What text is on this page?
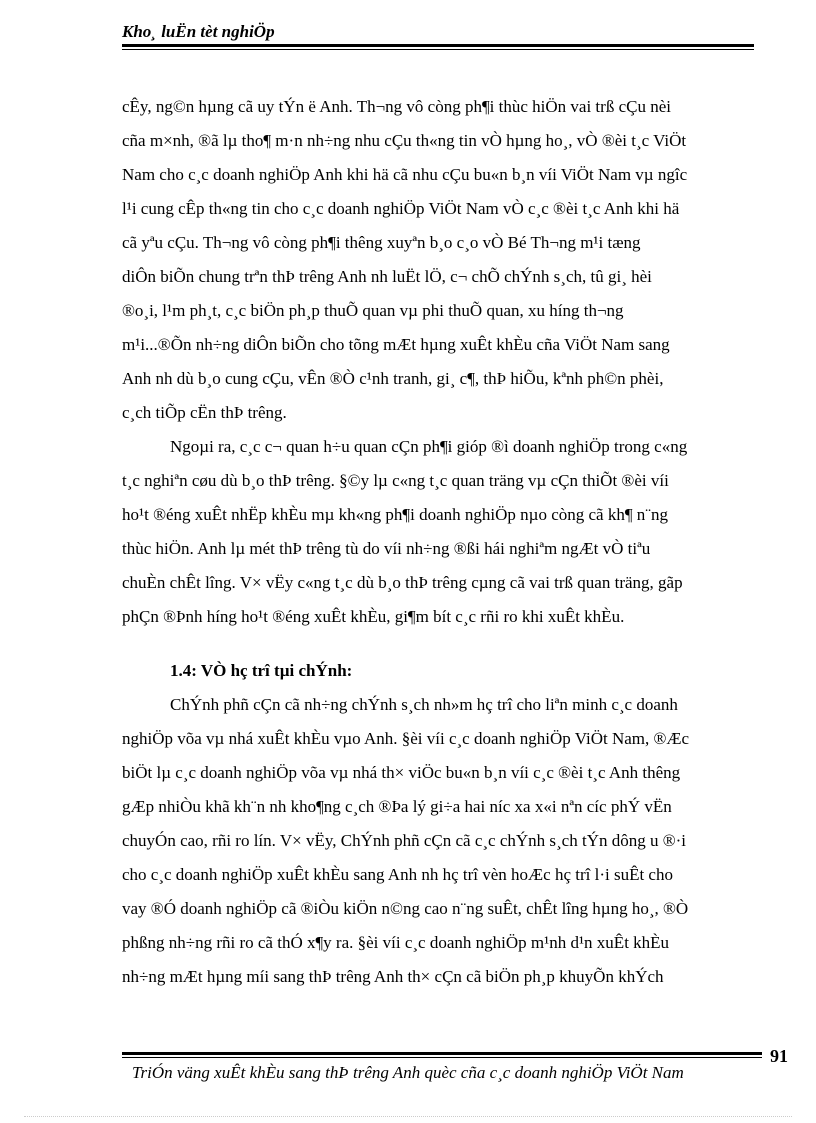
Kho¸ luËn tèt nghiÖp
cÊy, ng©n hµng cã uy tÝn ë Anh. Th¬ng vô còng ph¶i thùc hiÖn vai trß cÇu nèi
cña m×nh, ®ã lµ tho¶ m·n nh÷ng nhu cÇu th«ng tin vÒ hµng ho¸, vÒ ®èi t¸c ViÖt
Nam cho c¸c doanh nghiÖp Anh khi hä cã nhu cÇu bu«n b¸n víi ViÖt Nam vµ ngîc
l¹i cung cÊp th«ng tin cho c¸c doanh nghiÖp ViÖt Nam vÒ c¸c ®èi t¸c Anh khi hä
cã yªu cÇu. Th¬ng vô còng ph¶i thêng xuyªn b¸o c¸o vÒ Bé Th¬ng m¹i tæng
diÔn biÕn chung trªn thÞ trêng Anh nh luËt lÖ, c¬ chÕ chÝnh s¸ch, tû gi¸ hèi
®o¸i, l¹m ph¸t, c¸c biÖn ph¸p thuÕ quan vµ phi thuÕ quan, xu híng th¬ng
m¹i...®Õn nh÷ng diÔn biÕn cho tõng mÆt hµng xuÊt khÈu cña ViÖt Nam sang
Anh nh dù b¸o cung cÇu, vÊn ®Ò c¹nh tranh, gi¸ c¶, thÞ hiÕu, kªnh ph©n phèi,
c¸ch tiÕp cËn thÞ trêng.
Ngoµi ra, c¸c c¬ quan h÷u quan cÇn ph¶i gióp ®ì doanh nghiÖp trong c«ng
t¸c nghiªn cøu dù b¸o thÞ trêng. §©y lµ c«ng t¸c quan träng vµ cÇn thiÕt ®èi víi
ho¹t ®éng xuÊt nhËp khÈu mµ kh«ng ph¶i doanh nghiÖp nµo còng cã kh¶ n¨ng
thùc hiÖn. Anh lµ mét thÞ trêng tù do víi nh÷ng ®ßi hái nghiªm ngÆt vÒ tiªu
chuÈn chÊt lîng. V× vËy c«ng t¸c dù b¸o thÞ trêng cµng cã vai trß quan träng, gãp
phÇn ®Þnh híng ho¹t ®éng xuÊt khÈu, gi¶m bít c¸c rñi ro khi xuÊt khÈu.
1.4: VÒ hç trî tµi chÝnh:
ChÝnh phñ cÇn cã nh÷ng chÝnh s¸ch nh»m hç trî cho liªn minh c¸c doanh
nghiÖp võa vµ nhá xuÊt khÈu vµo Anh. §èi víi c¸c doanh nghiÖp ViÖt Nam, ®Æc
biÖt lµ c¸c doanh nghiÖp võa vµ nhá th× viÖc bu«n b¸n víi c¸c ®èi t¸c Anh thêng
gÆp nhiÒu khã kh¨n nh kho¶ng c¸ch ®Þa lý gi÷a hai níc xa x«i nªn cíc phÝ vËn
chuyÓn cao, rñi ro lín. V× vËy, ChÝnh phñ cÇn cã c¸c chÝnh s¸ch tÝn dông u ®·i
cho c¸c doanh nghiÖp xuÊt khÈu sang Anh nh hç trî vèn hoÆc hç trî l·i suÊt cho
vay ®Ó doanh nghiÖp cã ®iÒu kiÖn n©ng cao n¨ng suÊt, chÊt lîng hµng ho¸, ®Ò
phßng nh÷ng rñi ro cã thÓ x¶y ra. §èi víi c¸c doanh nghiÖp m¹nh d¹n xuÊt khÈu
nh÷ng mÆt hµng míi sang thÞ trêng Anh th× cÇn cã biÖn ph¸p khuyÕn khÝch
91
TriÓn väng xuÊt khÈu sang thÞ trêng Anh quèc cña c¸c doanh nghiÖp ViÖt Nam
